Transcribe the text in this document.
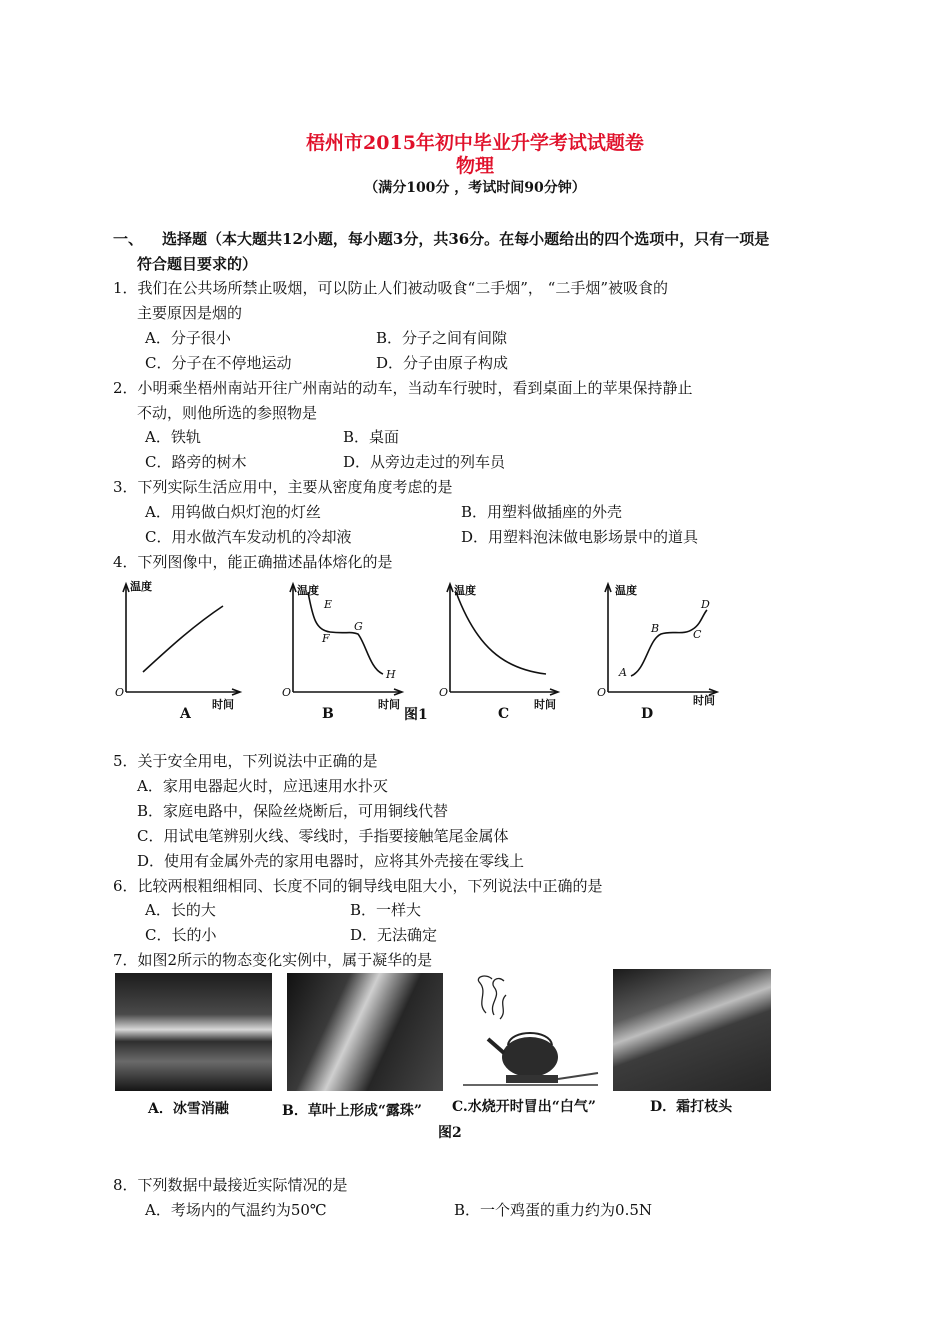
梧州市2015年初中毕业升学考试试题卷
物理
（满分100分 ，考试时间90分钟）
一、 选择题（本大题共12小题，每小题3分，共36分。在每小题给出的四个选项中，只有一项是
符合题目要求的）
1．我们在公共场所禁止吸烟，可以防止人们被动吸食“二手烟”， “二手烟”被吸食的
主要原因是烟的
A．分子很小	B．分子之间有间隙
C．分子在不停地运动	D．分子由原子构成
2．小明乘坐梧州南站开往广州南站的动车，当动车行驶时，看到桌面上的苹果保持静止
不动，则他所选的参照物是
A．铁轨	B．桌面
C．路旁的树木	D．从旁边走过的列车员
3．下列实际生活应用中，主要从密度角度考虑的是
A．用钨做白炽灯泡的灯丝	B．用塑料做插座的外壳
C．用水做汽车发动机的冷却液	D．用塑料泡沫做电影场景中的道具
4．下列图像中，能正确描述晶体熔化的是
温度
O
时间
A
温度
O
时间
B
E
F
G
H
图1
温度
O
时间
C
温度
O
时间
D
A
B	C
D
5．关于安全用电，下列说法中正确的是
A．家用电器起火时，应迅速用水扑灭
B．家庭电路中，保险丝烧断后，可用铜线代替
C．用试电笔辨别火线、零线时，手指要接触笔尾金属体
D．使用有金属外壳的家用电器时，应将其外壳接在零线上
6．比较两根粗细相同、长度不同的铜导线电阻大小，下列说法中正确的是
A．长的大	B．一样大
C．长的小	D．无法确定
7．如图2所示的物态变化实例中，属于凝华的是
A．冰雪消融	B．草叶上形成“露珠” C.水烧开时冒出“白气”	D．霜打枝头
图2
8．下列数据中最接近实际情况的是
A．考场内的气温约为50℃	B．一个鸡蛋的重力约为0.5N
